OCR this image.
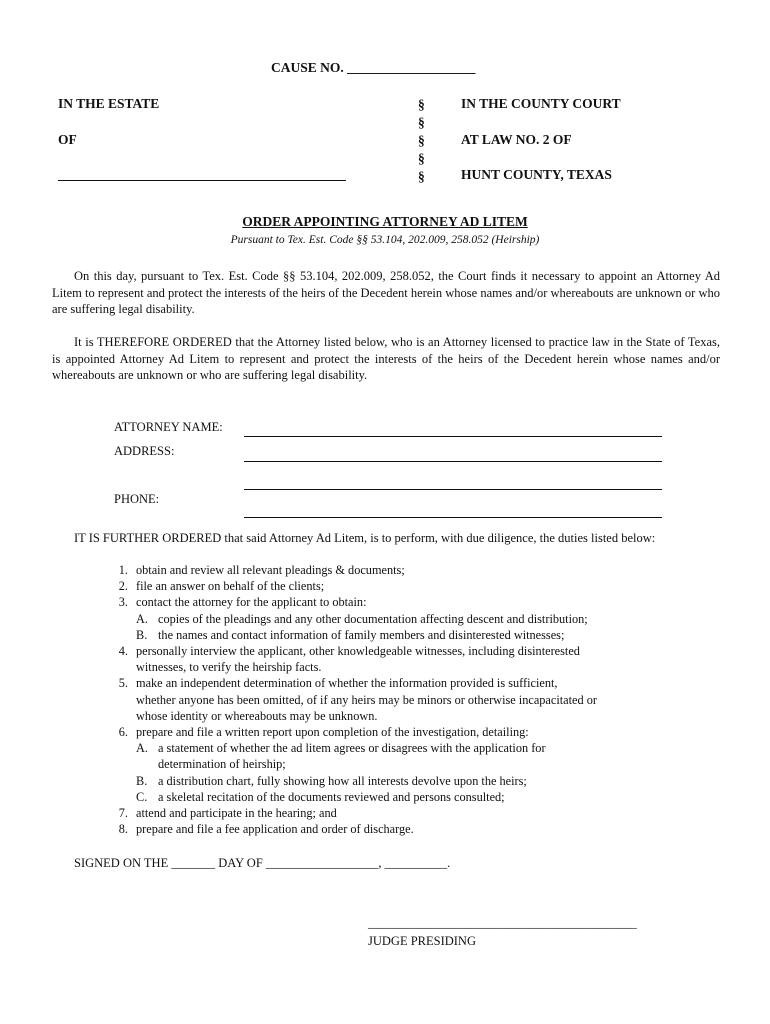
CAUSE NO. ___________________
IN THE ESTATE
OF
§
§
§
§
§
IN THE COUNTY COURT
AT LAW NO. 2 OF
HUNT COUNTY, TEXAS
ORDER APPOINTING ATTORNEY AD LITEM
Pursuant to Tex. Est. Code §§ 53.104, 202.009, 258.052 (Heirship)

On this day, pursuant to Tex. Est. Code §§ 53.104, 202.009, 258.052, the Court finds it necessary to appoint an Attorney Ad Litem to represent and protect the interests of the heirs of the Decedent herein whose names and/or whereabouts are unknown or who are suffering legal disability.

It is THEREFORE ORDERED that the Attorney listed below, who is an Attorney licensed to practice law in the State of Texas, is appointed Attorney Ad Litem to represent and protect the interests of the heirs of the Decedent herein whose names and/or whereabouts are unknown or who are suffering legal disability.

ATTORNEY NAME:
ADDRESS:
PHONE:
IT IS FURTHER ORDERED that said Attorney Ad Litem, is to perform, with due diligence, the duties listed below:
1. obtain and review all relevant pleadings & documents;
2. file an answer on behalf of the clients;
3. contact the attorney for the applicant to obtain:
A. copies of the pleadings and any other documentation affecting descent and distribution;
B. the names and contact information of family members and disinterested witnesses;
4. personally interview the applicant, other knowledgeable witnesses, including disinterested
witnesses, to verify the heirship facts.
5. make an independent determination of whether the information provided is sufficient,
whether anyone has been omitted, of if any heirs may be minors or otherwise incapacitated or
whose identity or whereabouts may be unknown.
6. prepare and file a written report upon completion of the investigation, detailing:
A. a statement of whether the ad litem agrees or disagrees with the application for
determination of heirship;
B. a distribution chart, fully showing how all interests devolve upon the heirs;
C. a skeletal recitation of the documents reviewed and persons consulted;
7. attend and participate in the hearing; and
8. prepare and file a fee application and order of discharge.
SIGNED ON THE _______ DAY OF __________________, __________.
___________________________________________
JUDGE PRESIDING
